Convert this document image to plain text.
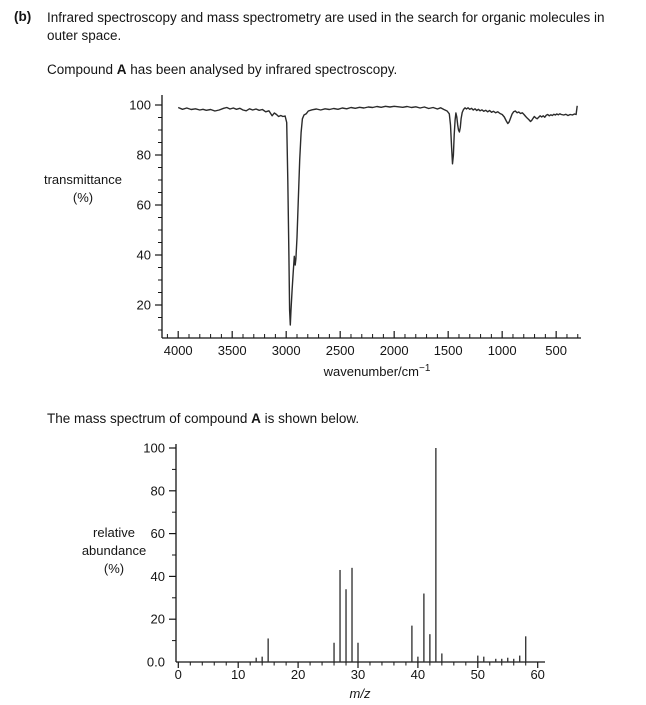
(b) Infrared spectroscopy and mass spectrometry are used in the search for organic molecules in outer space.

Compound A has been analysed by infrared spectroscopy.

4000 3500 3000 2500 2000 1500 1000 500
100
80
60
40
20
wavenumber/$cm^{-1}$
transmittance
(%)

The mass spectrum of compound A is shown below.

0	10	20	30	40	50	60
100
80
60
40
20
0.0
m/z
relative
abundance
(%)
